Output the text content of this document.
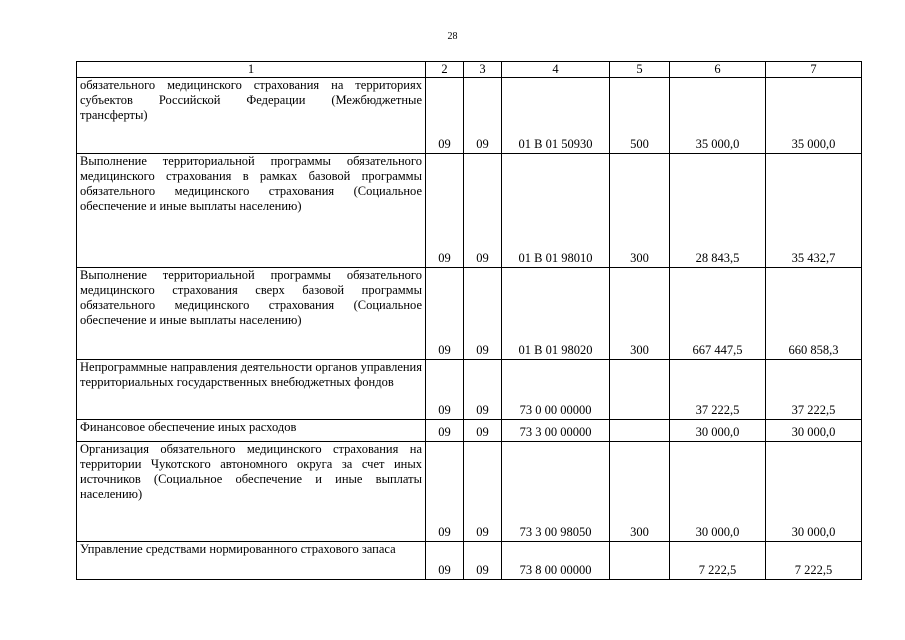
28
1	2	3	4	5	6	7
обязательного медицинского страхования на территориях субъектов Российской Федерации (Межбюджетные трансферты)	09	09	01 В 01 50930	500	35 000,0	35 000,0
Выполнение территориальной программы обязательного медицинского страхования в рамках базовой программы обязательного медицинского страхования (Социальное обеспечение и иные выплаты населению)	09	09	01 В 01 98010	300	28 843,5	35 432,7
Выполнение территориальной программы обязательного медицинского страхования сверх базовой программы обязательного медицинского страхования (Социальное обеспечение и иные выплаты населению)	09	09	01 В 01 98020	300	667 447,5	660 858,3
Непрограммные направления деятельности органов управления территориальных государственных внебюджетных фондов	09	09	73 0 00 00000		37 222,5	37 222,5
Финансовое обеспечение иных расходов	09	09	73 3 00 00000		30 000,0	30 000,0
Организация обязательного медицинского страхования на территории Чукотского автономного округа за счет иных источников (Социальное обеспечение и иные выплаты населению)	09	09	73 3 00 98050	300	30 000,0	30 000,0
Управление средствами нормированного страхового запаса	09	09	73 8 00 00000		7 222,5	7 222,5
